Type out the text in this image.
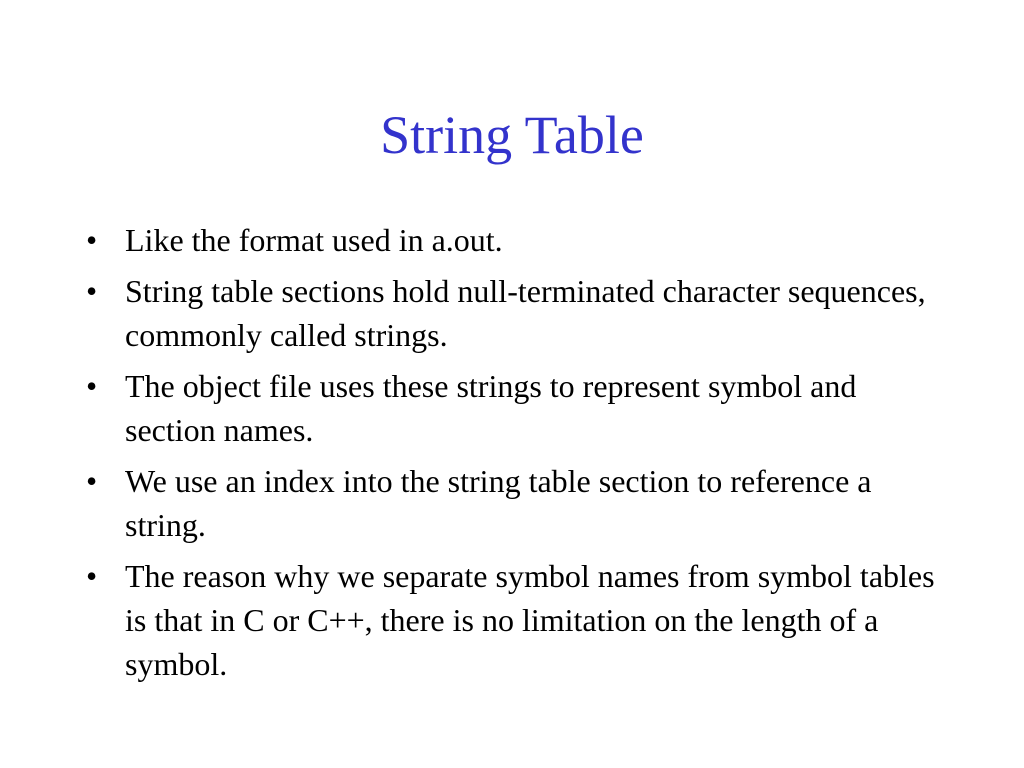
String Table
• Like the format used in a.out.
• String table sections hold null-terminated character sequences, commonly called strings.
• The object file uses these strings to represent symbol and section names.
• We use an index into the string table section to reference a string.
• The reason why we separate symbol names from symbol tables is that in C or C++, there is no limitation on the length of a symbol.
